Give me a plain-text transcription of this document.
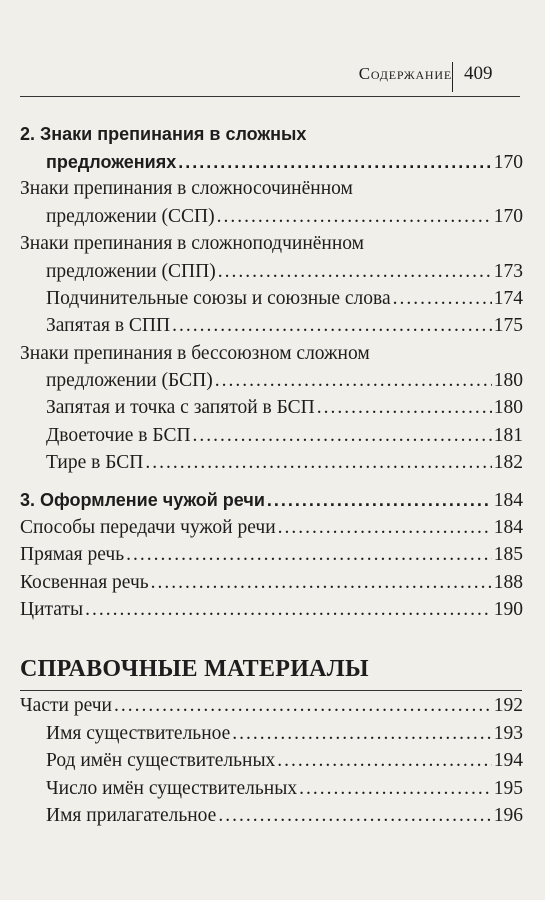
Содержание 409
2. Знаки препинания в сложных
предложениях .....	170
Знаки препинания в сложносочинённом
предложении (ССП) .....	170
Знаки препинания в сложноподчинённом
предложении (СПП) .....	173
Подчинительные союзы и союзные слова .....	174
Запятая в СПП .....	175
Знаки препинания в бессоюзном сложном
предложении (БСП) .....	180
Запятая и точка с запятой в БСП .....	180
Двоеточие в БСП .....	181
Тире в БСП .....	182
3. Оформление чужой речи .....	184
Способы передачи чужой речи .....	184
Прямая речь .....	185
Косвенная речь .....	188
Цитаты .....	190
СПРАВОЧНЫЕ МАТЕРИАЛЫ
Части речи .....	192
Имя существительное .....	193
Род имён существительных .....	194
Число имён существительных .....	195
Имя прилагательное .....	196
